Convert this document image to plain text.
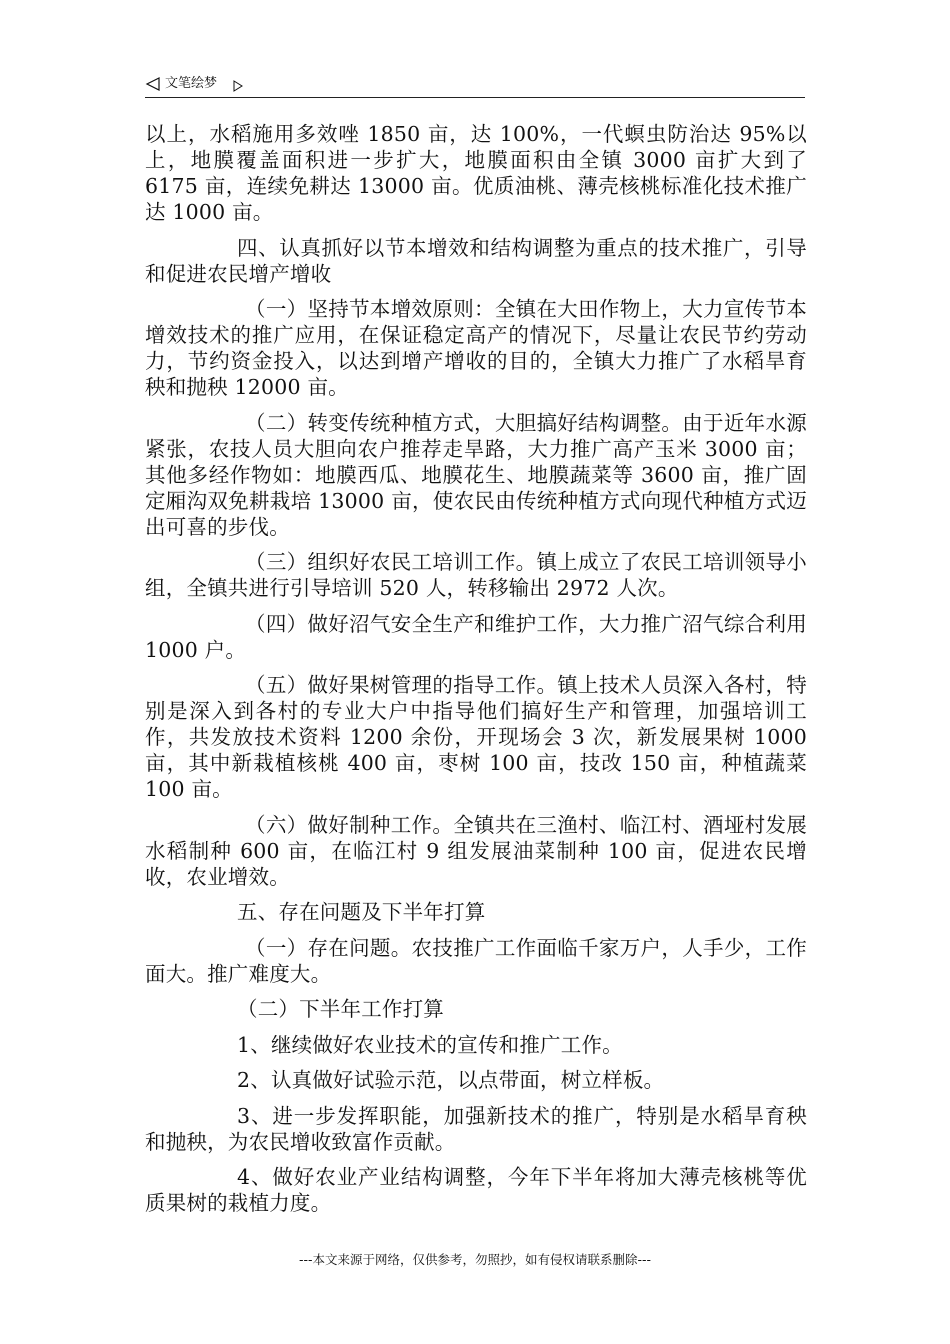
文笔绘梦

以上，水稻施用多效唑 1850 亩，达 100%，一代螟虫防治达 95%以上，地膜覆盖面积进一步扩大，地膜面积由全镇 3000 亩扩大到了 6175 亩，连续免耕达 13000 亩。优质油桃、薄壳核桃标准化技术推广达 1000 亩。

四、认真抓好以节本增效和结构调整为重点的技术推广，引导和促进农民增产增收

（一）坚持节本增效原则：全镇在大田作物上，大力宣传节本增效技术的推广应用，在保证稳定高产的情况下，尽量让农民节约劳动力，节约资金投入，以达到增产增收的目的，全镇大力推广了水稻旱育秧和抛秧 12000 亩。

（二）转变传统种植方式，大胆搞好结构调整。由于近年水源紧张，农技人员大胆向农户推荐走旱路，大力推广高产玉米 3000 亩；其他多经作物如：地膜西瓜、地膜花生、地膜蔬菜等 3600 亩，推广固定厢沟双免耕栽培 13000 亩，使农民由传统种植方式向现代种植方式迈出可喜的步伐。

（三）组织好农民工培训工作。镇上成立了农民工培训领导小组，全镇共进行引导培训 520 人，转移输出 2972 人次。

（四）做好沼气安全生产和维护工作，大力推广沼气综合利用 1000 户。

（五）做好果树管理的指导工作。镇上技术人员深入各村，特别是深入到各村的专业大户中指导他们搞好生产和管理，加强培训工作，共发放技术资料 1200 余份，开现场会 3 次，新发展果树 1000 亩，其中新栽植核桃 400 亩，枣树 100 亩，技改 150 亩，种植蔬菜 100 亩。

（六）做好制种工作。全镇共在三渔村、临江村、酒垭村发展水稻制种 600 亩，在临江村 9 组发展油菜制种 100 亩，促进农民增收，农业增效。

五、存在问题及下半年打算

（一）存在问题。农技推广工作面临千家万户，人手少，工作面大。推广难度大。

（二）下半年工作打算

1、继续做好农业技术的宣传和推广工作。

2、认真做好试验示范，以点带面，树立样板。

3、进一步发挥职能，加强新技术的推广，特别是水稻旱育秧和抛秧，为农民增收致富作贡献。

4、做好农业产业结构调整，今年下半年将加大薄壳核桃等优质果树的栽植力度。

---本文来源于网络，仅供参考，勿照抄，如有侵权请联系删除---
